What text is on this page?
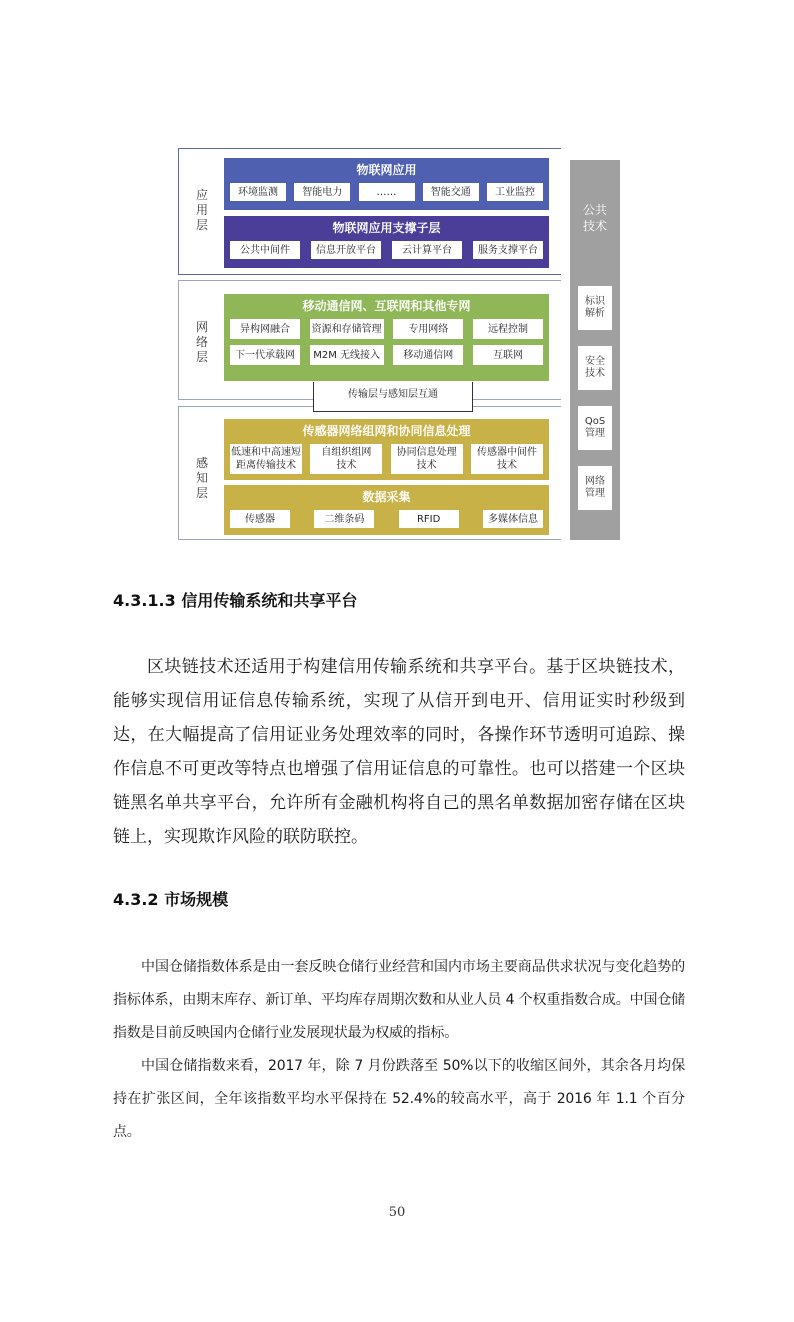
应用层
网络层
感知层
物联网应用
环境监测	智能电力	……	智能交通	工业监控
物联网应用支撑子层
公共中间件	信息开放平台	云计算平台	服务支撑平台
移动通信网、互联网和其他专网
异构网融合	资源和存储管理	专用网络	远程控制
下一代承载网	M2M 无线接入	移动通信网	互联网
传输层与感知层互通
传感器网络组网和协同信息处理
低速和中高速短
距离传输技术
自组织组网
技术
协同信息处理
技术
传感器中间件
技术
数据采集
传感器	二维条码	RFID	多媒体信息
公共
技术
标识
解析
安全
技术
QoS
管理
网络
管理
4.3.1.3 信用传输系统和共享平台

区块链技术还适用于构建信用传输系统和共享平台。基于区块链技术，能够实现信用证信息传输系统，实现了从信开到电开、信用证实时秒级到达，在大幅提高了信用证业务处理效率的同时，各操作环节透明可追踪、操作信息不可更改等特点也增强了信用证信息的可靠性。也可以搭建一个区块链黑名单共享平台，允许所有金融机构将自己的黑名单数据加密存储在区块链上，实现欺诈风险的联防联控。

4.3.2 市场规模

中国仓储指数体系是由一套反映仓储行业经营和国内市场主要商品供求状况与变化趋势的指标体系，由期末库存、新订单、平均库存周期次数和从业人员 4 个权重指数合成。中国仓储指数是目前反映国内仓储行业发展现状最为权威的指标。

中国仓储指数来看，2017 年，除 7 月份跌落至 50%以下的收缩区间外，其余各月均保持在扩张区间，全年该指数平均水平保持在 52.4%的较高水平，高于 2016 年 1.1 个百分点。

50
